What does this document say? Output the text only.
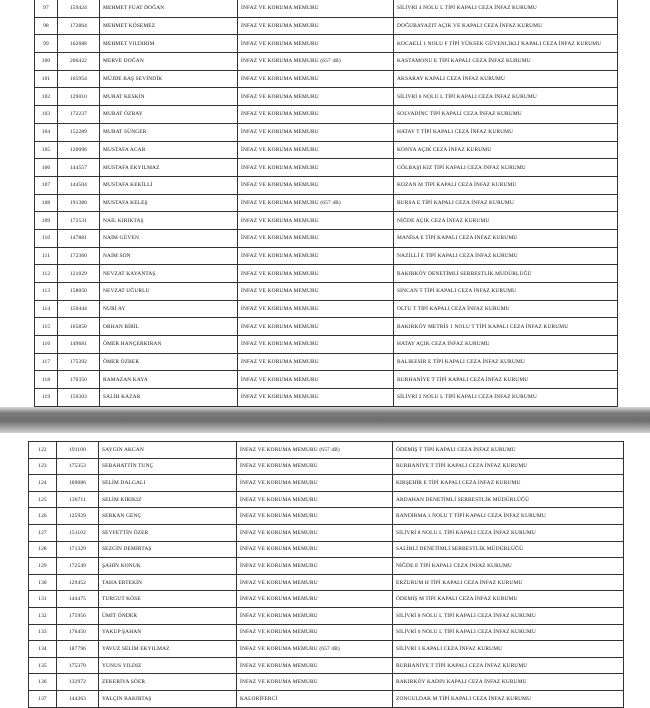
97	159424	MEHMET FUAT DOĞAN	İNFAZ VE KORUMA MEMURU	SİLİVRİ 4 NOLU L TİPİ KAPALI CEZA İNFAZ KURUMU
98	172864	MEHMET KÖSEMEZ	İNFAZ VE KORUMA MEMURU	DOĞUBAYAZIT AÇIK VE KAPALI CEZA İNFAZ KURUMU
99	162688	MEHMET YILDIRIM	İNFAZ VE KORUMA MEMURU	KOCAELİ 1 NOLU F TİPİ YÜKSEK GÜVENLİKLİ KAPALI CEZA İNFAZ KURUMU
100	206422	MERVE DOĞAN	İNFAZ VE KORUMA MEMURU (657 4B)	KASTAMONU E TİPİ KAPALI CEZA İNFAZ KURUMU
101	165954	MÜJDE BAŞ SEVİNDİK	İNFAZ VE KORUMA MEMURU	AKSARAY KAPALI CEZA İNFAZ KURUMU
102	129010	MURAT KESKİN	İNFAZ VE KORUMA MEMURU	SİLİVRİ 6 NOLU L TİPİ KAPALI CEZA İNFAZ KURUMU
103	172237	MURAT ÖZBAY	İNFAZ VE KORUMA MEMURU	SOLVADİNC TİPİ KAPALI CEZA İNFAZ KURUMU
104	152289	MURAT SÜNGER	İNFAZ VE KORUMA MEMURU	HATAY T TİPİ KAPALI CEZA İNFAZ KURUMU
105	120096	MUSTAFA ACAR	İNFAZ VE KORUMA MEMURU	KONYA AÇIK CEZA İNFAZ KURUMU
106	144557	MUSTAFA EKYILMAZ	İNFAZ VE KORUMA MEMURU	GÖLBAŞI KIZ TİPİ KAPALI CEZA İNFAZ KURUMU
107	144504	MUSTAFA KEKİLLİ	İNFAZ VE KORUMA MEMURU	KOZAN M TİPİ KAPALI CEZA İNFAZ KURUMU
108	191380	MUSTAFA KELEŞ	İNFAZ VE KORUMA MEMURU (657 4B)	BURSA E TİPİ KAPALI CEZA İNFAZ KURUMU
109	172531	NAİL KIRIKTAŞ	İNFAZ VE KORUMA MEMURU	NİĞDE AÇIK CEZA İNFAZ KURUMU
110	147881	NAİM GÜVEN	İNFAZ VE KORUMA MEMURU	MANİSA E TİPİ KAPALI CEZA İNFAZ KURUMU
111	172360	NAİM SON	İNFAZ VE KORUMA MEMURU	NAZİLLİ E TİPİ KAPALI CEZA İNFAZ KURUMU
112	121029	NEVZAT KAYANTAŞ	İNFAZ VE KORUMA MEMURU	BAKIRKÖY DENETİMLİ SERBESTLİK MÜDÜRLÜĞÜ
113	158050	NEVZAT UĞURLU	İNFAZ VE KORUMA MEMURU	SİNCAN T TİPİ KAPALI CEZA İNFAZ KURUMU
114	150444	NURİ AY	İNFAZ VE KORUMA MEMURU	OLTU T TİPİ KAPALI CEZA İNFAZ KURUMU
115	165850	ORHAN BİRİL	İNFAZ VE KORUMA MEMURU	BAKIRKÖY METRİS 1 NOLU T TİPİ KAPALI CEZA İNFAZ KURUMU
116	149681	ÖMER HANÇERKIRAN	İNFAZ VE KORUMA MEMURU	HATAY AÇIK CEZA İNFAZ KURUMU
117	175392	ÖMER ÖZBEK	İNFAZ VE KORUMA MEMURU	BALIKESİR E TİPİ KAPALI CEZA İNFAZ KURUMU
118	170350	RAMAZAN KAYA	İNFAZ VE KORUMA MEMURU	BURHANİYE T TİPİ KAPALI CEZA İNFAZ KURUMU
119	150303	SALİH KAZAR	İNFAZ VE KORUMA MEMURU	SİLİVRİ 2 NOLU L TİPİ KAPALI CEZA İNFAZ KURUMU

122	191100	SAYGIN AKCAN	İNFAZ VE KORUMA MEMURU (657 4B)	ÖDEMİŞ T TİPİ KAPALI CEZA İNFAZ KURUMU
123	175353	SEBAHATTİN TUNÇ	İNFAZ VE KORUMA MEMURU	BURHANİYE T TİPİ KAPALI CEZA İNFAZ KURUMU
124	169086	SELİM DALGALI	İNFAZ VE KORUMA MEMURU	KIRŞEHİR E TİPİ KAPALI CEZA İNFAZ KURUMU
125	136711	SELİM KIRIKIZ	İNFAZ VE KORUMA MEMURU	ARDAHAN DENETİMLİ SERBESTLİK MÜDÜRLÜĞÜ
126	125929	SERKAN GENÇ	İNFAZ VE KORUMA MEMURU	BANDIRMA 1 NOLU T TİPİ KAPALI CEZA İNFAZ KURUMU
127	151102	SEYFETTİN ÖZER	İNFAZ VE KORUMA MEMURU	SİLİVRİ 8 NOLU L TİPİ KAPALI CEZA İNFAZ KURUMU
128	171329	SEZGİN DEMİRTAŞ	İNFAZ VE KORUMA MEMURU	SALİHLİ DENETİMLİ SERBESTLİK MÜDÜRLÜĞÜ
129	172549	ŞAHİN KONUK	İNFAZ VE KORUMA MEMURU	NİĞDE E TİPİ KAPALI CEZA İNFAZ KURUMU
130	129452	TAHA ERTEKİN	İNFAZ VE KORUMA MEMURU	ERZURUM H TİPİ KAPALI CEZA İNFAZ KURUMU
131	144475	TURGUT KÖSE	İNFAZ VE KORUMA MEMURU	ÖDEMİŞ M TİPİ KAPALI CEZA İNFAZ KURUMU
132	175956	ÜMİT ÖNDER	İNFAZ VE KORUMA MEMURU	SİLİVRİ 8 NOLU L TİPİ KAPALI CEZA İNFAZ KURUMU
133	176450	YAKUP ŞAHAN	İNFAZ VE KORUMA MEMURU	SİLİVRİ 6 NOLU L TİPİ KAPALI CEZA İNFAZ KURUMU
134	187796	YAVUZ SELİM EKYILMAZ	İNFAZ VE KORUMA MEMURU (657 4B)	SİLİVRİ 3 KAPALI CEZA İNFAZ KURUMU
135	175370	YUNUS YILDIZ	İNFAZ VE KORUMA MEMURU	BURHANİYE T TİPİ KAPALI CEZA İNFAZ KURUMU
136	132972	ZEKERİYA SÖER	İNFAZ VE KORUMA MEMURU	BAKIRKÖY KADIN KAPALI CEZA İNFAZ KURUMU
137	144363	YALÇIN BAKIRTAŞ	KALORİFERCİ	ZONGULDAK M TİPİ KAPALI CEZA İNFAZ KURUMU
